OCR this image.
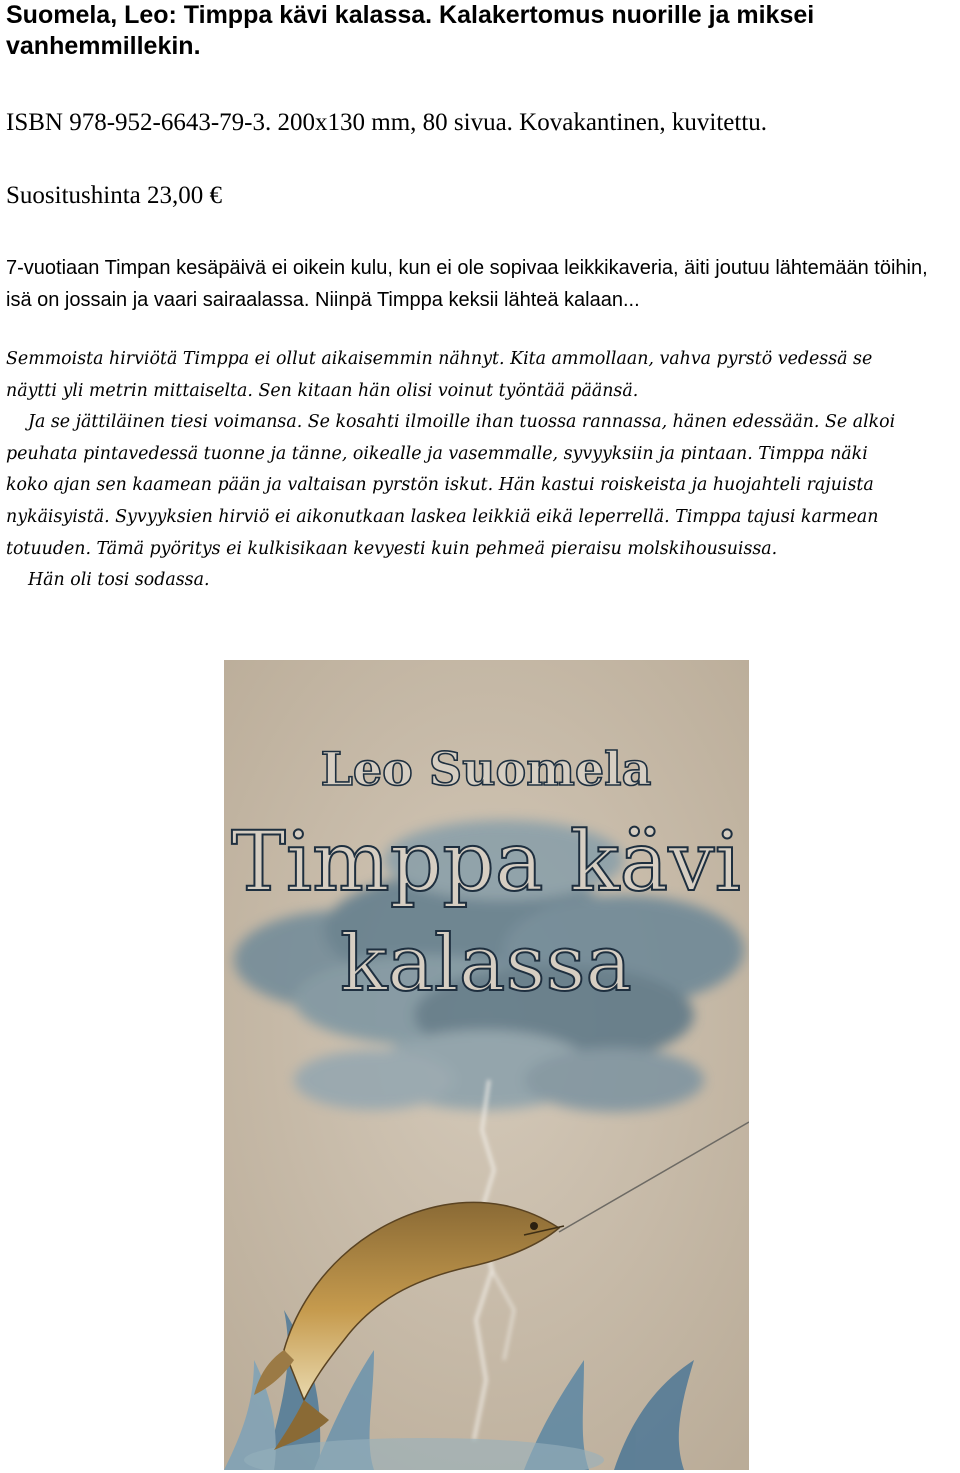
Suomela, Leo: Timppa kävi kalassa. Kalakertomus nuorille ja miksei vanhemmillekin.

ISBN 978-952-6643-79-3. 200x130 mm, 80 sivua. Kovakantinen, kuvitettu.

Suositushinta 23,00 €

7-vuotiaan Timpan kesäpäivä ei oikein kulu, kun ei ole sopivaa leikkikaveria, äiti joutuu lähtemään töihin, isä on jossain ja vaari sairaalassa. Niinpä Timppa keksii lähteä kalaan...

Semmoista hirviötä Timppa ei ollut aikaisemmin nähnyt. Kita ammollaan, vahva pyrstö vedessä se
näytti yli metrin mittaiselta. Sen kitaan hän olisi voinut työntää päänsä.
Ja se jättiläinen tiesi voimansa. Se kosahti ilmoille ihan tuossa rannassa, hänen edessään. Se alkoi
peuhata pintavedessä tuonne ja tänne, oikealle ja vasemmalle, syvyyksiin ja pintaan. Timppa näki
koko ajan sen kaamean pään ja valtaisan pyrstön iskut. Hän kastui roiskeista ja huojahteli rajuista
nykäisyistä. Syvyyksien hirviö ei aikonutkaan laskea leikkiä eikä leperrellä. Timppa tajusi karmean
totuuden. Tämä pyöritys ei kulkisikaan kevyesti kuin pehmeä pieraisu molskihousuissa.
Hän oli tosi sodassa.
Leo Suomela
Timppa kävi
kalassa
